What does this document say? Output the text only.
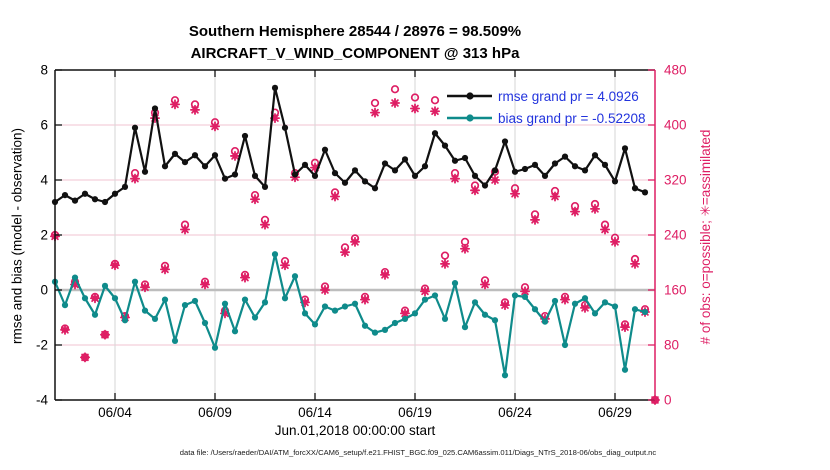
06/04	06/09	06/14	06/19	06/24	06/29
8
6
4
2
0
-2
-4
480
400
320
240
160
80
0
Southern Hemisphere 28544 / 28976 = 98.509%
AIRCRAFT_V_WIND_COMPONENT @ 313 hPa
rmse and bias (model - observation)	# of obs: o=possible; ✳=assimilated
Jun.01,2018 00:00:00 start
data file: /Users/raeder/DAI/ATM_forcXX/CAM6_setup/f.e21.FHIST_BGC.f09_025.CAM6assim.011/Diags_NTrS_2018-06/obs_diag_output.nc
rmse grand pr = 4.0926
bias grand pr = -0.52208
